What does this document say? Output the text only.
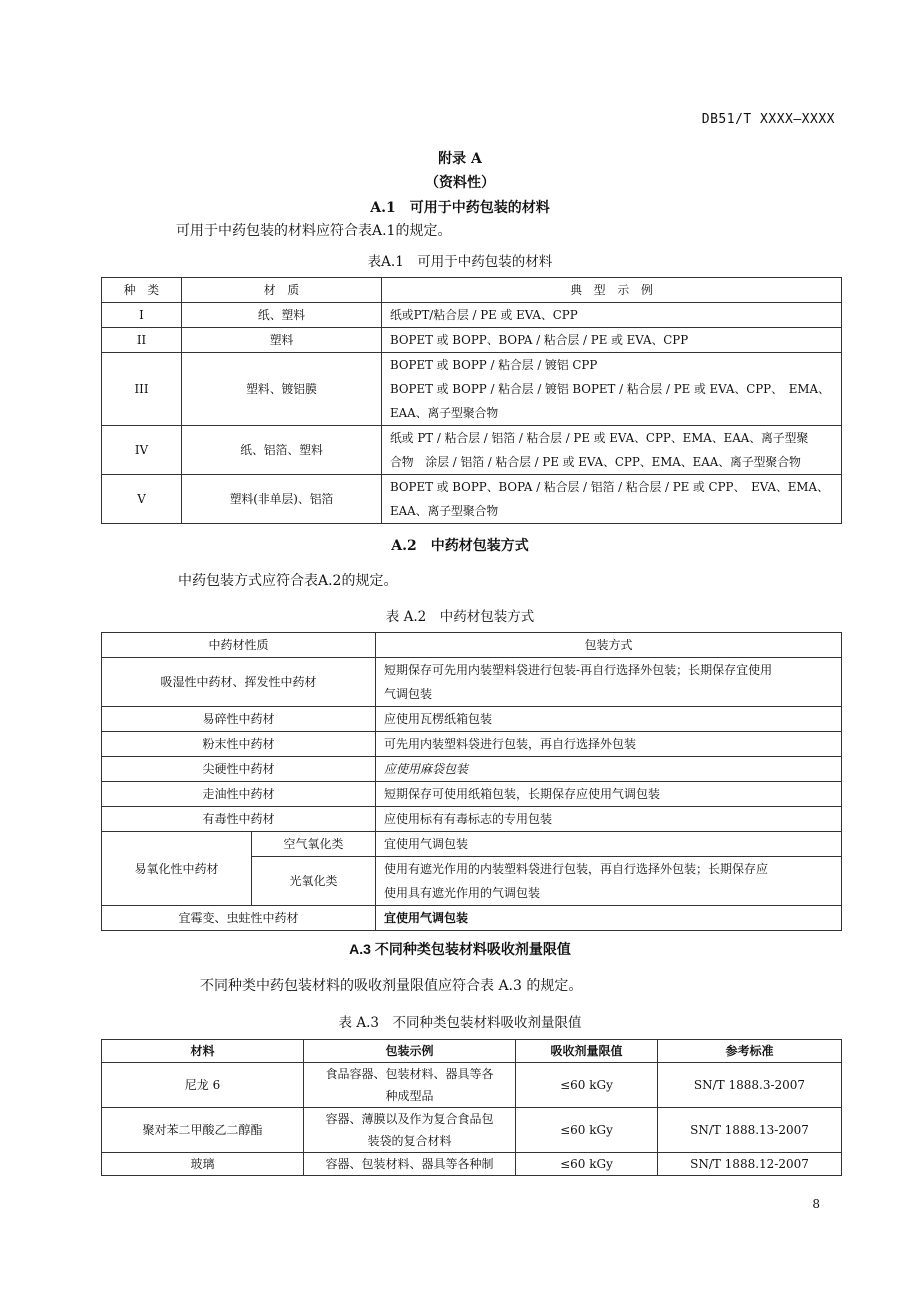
DB51/T XXXX—XXXX
附录 A
（资料性）
A.1　可用于中药包装的材料
可用于中药包装的材料应符合表A.1的规定。
表A.1　可用于中药包装的材料
种　类	材　质	典　型　示　例
I	纸、塑料	纸或PT/粘合层 / PE 或 EVA、CPP

II	塑料	BOPET 或 BOPP、BOPA / 粘合层 / PE 或 EVA、CPP

III	塑料、镀铝膜	BOPET 或 BOPP / 粘合层 / 镀铝 CPP
BOPET 或 BOPP / 粘合层 / 镀铝 BOPET / 粘合层 / PE 或 EVA、CPP、　EMA、
EAA、离子型聚合物

IV	纸、铝箔、塑料	纸或 PT / 粘合层 / 铝箔 / 粘合层 / PE 或 EVA、CPP、EMA、EAA、离子型聚
合物　涂层 / 铝箔 / 粘合层 / PE 或 EVA、CPP、EMA、EAA、离子型聚合物

V	塑料(非单层)、铝箔	BOPET 或 BOPP、BOPA / 粘合层 / 铝箔 / 粘合层 / PE 或 CPP、　EVA、EMA、
EAA、离子型聚合物
A.2　中药材包装方式
中药包装方式应符合表A.2的规定。
表 A.2　中药材包装方式
中药材性质		包装方式
吸湿性中药材、挥发性中药材		短期保存可先用内装塑料袋进行包装-再自行选择外包装；长期保存宜使用
气调包装

易碎性中药材		应使用瓦楞纸箱包装

粉末性中药材		可先用内装塑料袋进行包装，再自行选择外包装

尖硬性中药材		应使用麻袋包装

走油性中药材		短期保存可使用纸箱包装，长期保存应使用气调包装

有毒性中药材		应使用标有有毒标志的专用包装

易氧化性中药材	空气氧化类	宜使用气调包装

	光氧化类	使用有遮光作用的内装塑料袋进行包装，再自行选择外包装；长期保存应
使用具有遮光作用的气调包装

宜霉变、虫蛀性中药材		宜使用气调包装
A.3 不同种类包装材料吸收剂量限值
不同种类中药包装材料的吸收剂量限值应符合表 A.3 的规定。
表 A.3　不同种类包装材料吸收剂量限值
材料	包装示例	吸收剂量限值	参考标准
尼龙 6	食品容器、包装材料、器具等各
种成型品	≤60 kGy	SN/T 1888.3-2007
聚对苯二甲酸乙二醇酯	容器、薄膜以及作为复合食品包
装袋的复合材料	≤60 kGy	SN/T 1888.13-2007
玻璃	容器、包装材料、器具等各种制	≤60 kGy	SN/T 1888.12-2007
8
